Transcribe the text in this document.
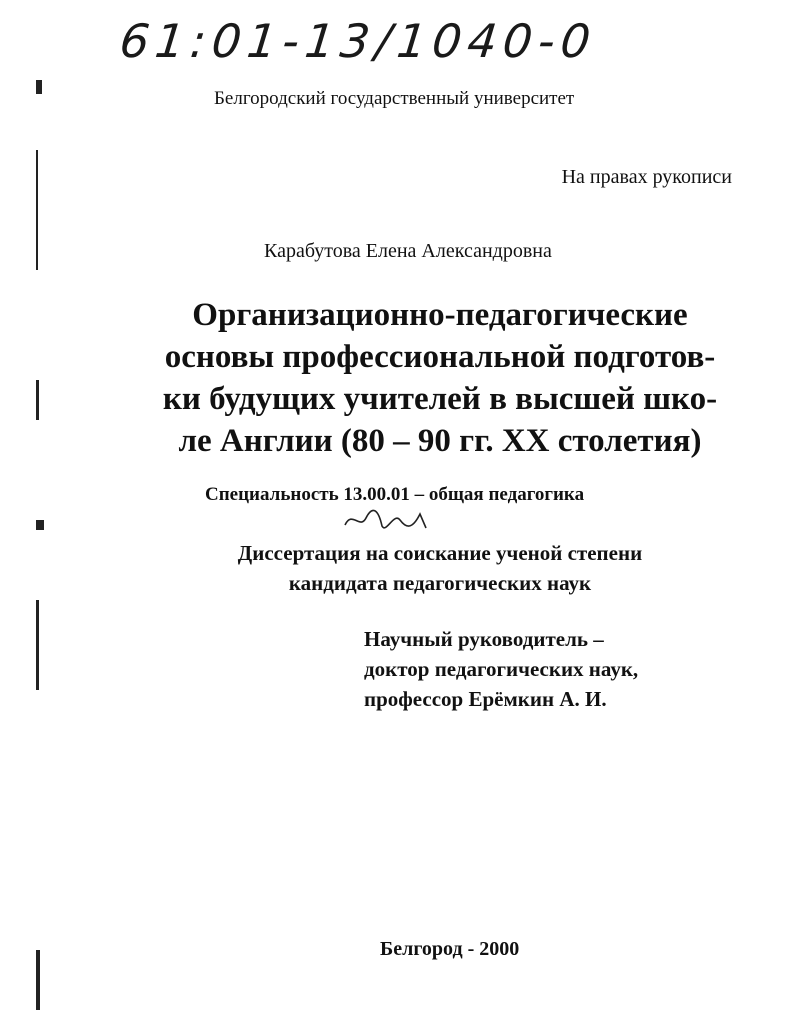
61:01-13/1040-0
Белгородский государственный университет
На правах рукописи
Карабутова Елена Александровна
Организационно-педагогические
основы профессиональной подготов-
ки будущих учителей в высшей шко-
ле Англии (80 – 90 гг. XX столетия)
Специальность 13.00.01 – общая педагогика
Диссертация на соискание ученой степени
кандидата педагогических наук
Научный руководитель –
доктор педагогических наук,
профессор Ерёмкин А. И.
Белгород - 2000
